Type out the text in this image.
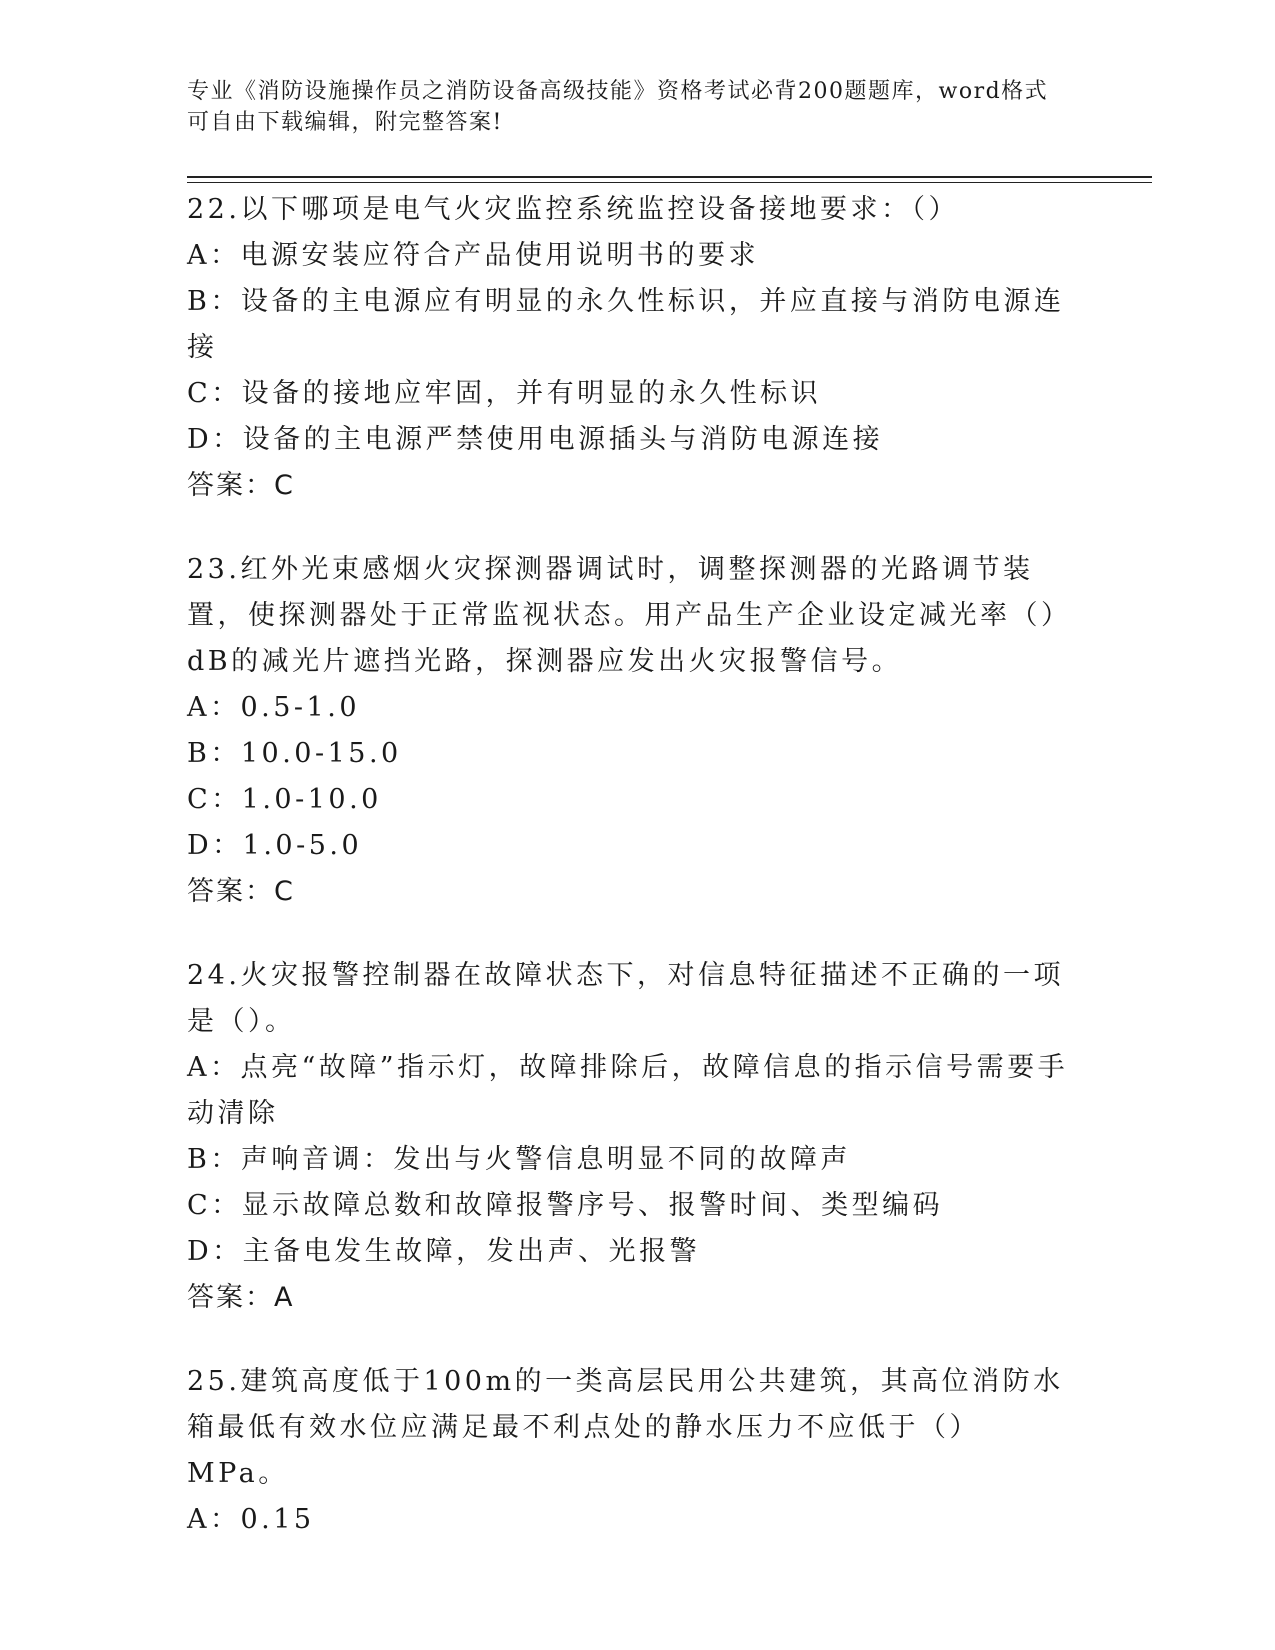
专业《消防设施操作员之消防设备高级技能》资格考试必背200题题库，word格式可自由下载编辑，附完整答案!

22.以下哪项是电气火灾监控系统监控设备接地要求：（）

A：电源安装应符合产品使用说明书的要求

B：设备的主电源应有明显的永久性标识，并应直接与消防电源连接

C：设备的接地应牢固，并有明显的永久性标识

D：设备的主电源严禁使用电源插头与消防电源连接

答案：C

23.红外光束感烟火灾探测器调试时，调整探测器的光路调节装置，使探测器处于正常监视状态。用产品生产企业设定减光率（）dB的减光片遮挡光路，探测器应发出火灾报警信号。

A：0.5-1.0

B：10.0-15.0

C：1.0-10.0

D：1.0-5.0

答案：C

24.火灾报警控制器在故障状态下，对信息特征描述不正确的一项是（）。

A：点亮“故障”指示灯，故障排除后，故障信息的指示信号需要手动清除

B：声响音调：发出与火警信息明显不同的故障声

C：显示故障总数和故障报警序号、报警时间、类型编码

D：主备电发生故障，发出声、光报警

答案：A

25.建筑高度低于100m的一类高层民用公共建筑，其高位消防水箱最低有效水位应满足最不利点处的静水压力不应低于（）MPa。

A：0.15
